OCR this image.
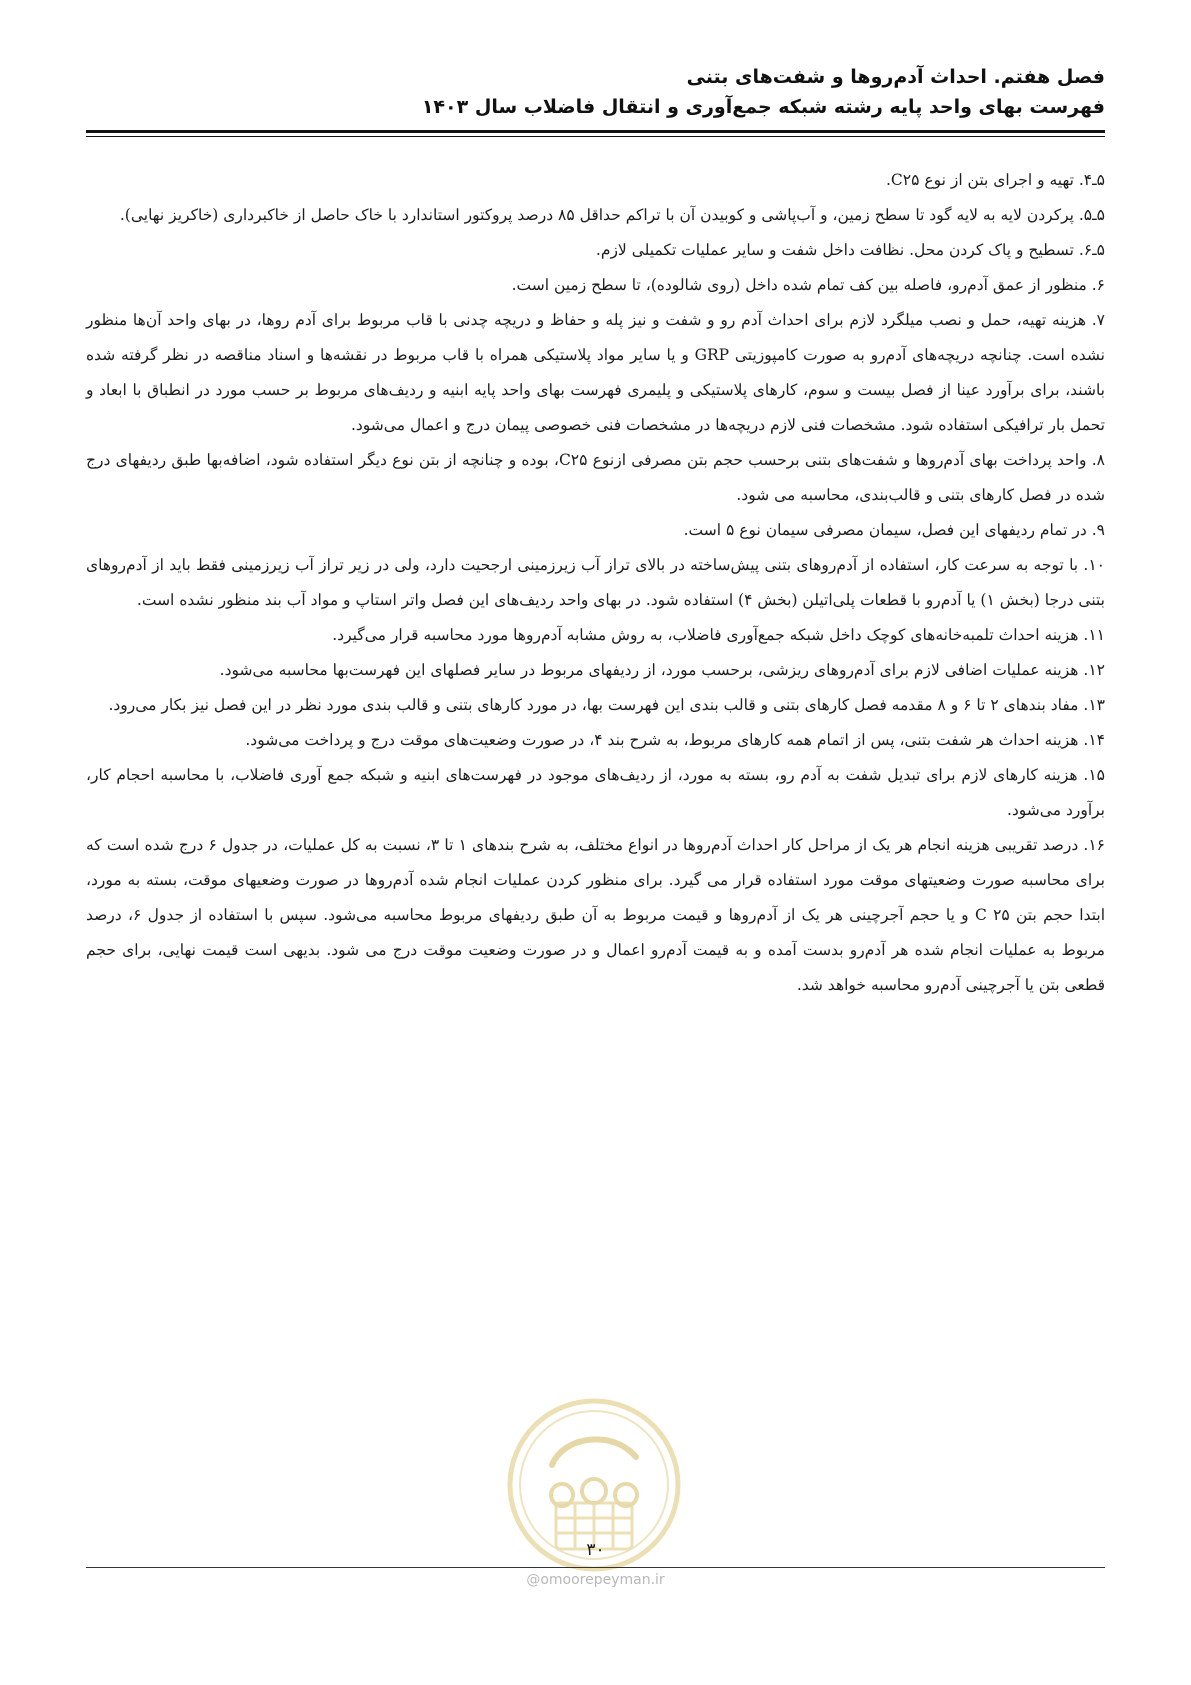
فصل هفتم. احداث آدم‌روها و شفت‌های بتنی
فهرست بهای واحد پایه رشته شبکه جمع‌آوری و انتقال فاضلاب سال ۱۴۰۳

۵ـ۴. تهیه و اجرای بتن از نوع C۲۵.

۵ـ۵. پرکردن لایه به لایه گود تا سطح زمین، و آب‌پاشی و کوبیدن آن با تراکم حداقل ۸۵ درصد پروکتور استاندارد با خاک حاصل از خاکبرداری (خاکریز نهایی).

۵ـ۶. تسطیح و پاک کردن محل. نظافت داخل شفت و سایر عملیات تکمیلی لازم.

۶. منظور از عمق آدم‌رو، فاصله بین کف تمام شده داخل (روی شالوده)، تا سطح زمین است.

۷. هزینه تهیه، حمل و نصب میلگرد لازم برای احداث آدم رو و شفت و نیز پله و حفاظ و دریچه چدنی با قاب مربوط برای آدم روها، در بهای واحد آن‌ها منظور نشده است. چنانچه دریچه‌های آدم‌رو به صورت کامپوزیتی GRP و یا سایر مواد پلاستیکی همراه با قاب مربوط در نقشه‌ها و اسناد مناقصه در نظر گرفته شده باشند، برای برآورد عینا از فصل بیست و سوم، کارهای پلاستیکی و پلیمری فهرست بهای واحد پایه ابنیه و ردیف‌های مربوط بر حسب مورد در انطباق با ابعاد و تحمل بار ترافیکی استفاده شود. مشخصات فنی لازم دریچه‌ها در مشخصات فنی خصوصی پیمان درج و اعمال می‌شود.

۸. واحد پرداخت بهای آدم‌روها و شفت‌های بتنی برحسب حجم بتن مصرفی ازنوع C۲۵، بوده و چنانچه از بتن نوع دیگر استفاده شود، اضافه‌بها طبق ردیفهای درج شده در فصل کارهای بتنی و قالب‌بندی، محاسبه می شود.

۹. در تمام ردیفهای این فصل، سیمان مصرفی سیمان نوع ۵ است.

۱۰. با توجه به سرعت کار، استفاده از آدم‌روهای بتنی پیش‌ساخته در بالای تراز آب زیرزمینی ارجحیت دارد، ولی در زیر تراز آب زیرزمینی فقط باید از آدم‌روهای بتنی درجا (بخش ۱) یا آدم‌رو با قطعات پلی‌اتیلن (بخش ۴) استفاده شود. در بهای واحد ردیف‌های این فصل واتر استاپ و مواد آب بند منظور نشده است.

۱۱. هزینه احداث تلمبه‌خانه‌های کوچک داخل شبکه جمع‌آوری فاضلاب، به روش مشابه آدم‌روها مورد محاسبه قرار می‌گیرد.

۱۲. هزینه عملیات اضافی لازم برای آدم‌روهای ریزشی، برحسب مورد، از ردیفهای مربوط در سایر فصلهای این فهرست‌بها محاسبه می‌شود.

۱۳. مفاد بندهای ۲ تا ۶ و ۸ مقدمه فصل کارهای بتنی و قالب بندی این فهرست بها، در مورد کارهای بتنی و قالب بندی مورد نظر در این فصل نیز بکار می‌رود.

۱۴. هزینه احداث هر شفت بتنی، پس از اتمام همه کارهای مربوط، به شرح بند ۴، در صورت وضعیت‌های موقت درج و پرداخت می‌شود.

۱۵. هزینه کارهای لازم برای تبدیل شفت به آدم رو، بسته به مورد، از ردیف‌های موجود در فهرست‌های ابنیه و شبکه جمع آوری فاضلاب، با محاسبه احجام کار، برآورد می‌شود.

۱۶. درصد تقریبی هزینه انجام هر یک از مراحل کار احداث آدم‌روها در انواع مختلف، به شرح بندهای ۱ تا ۳، نسبت به کل عملیات، در جدول ۶ درج شده است که برای محاسبه صورت وضعیتهای موقت مورد استفاده قرار می گیرد. برای منظور کردن عملیات انجام شده آدم‌روها در صورت وضعیهای موقت، بسته به مورد، ابتدا حجم بتن C ۲۵ و یا حجم آجرچینی هر یک از آدم‌روها و قیمت مربوط به آن طبق ردیفهای مربوط محاسبه می‌شود. سپس با استفاده از جدول ۶، درصد مربوط به عملیات انجام شده هر آدم‌رو بدست آمده و به قیمت آدم‌رو اعمال و در صورت وضعیت موقت درج می شود. بدیهی است قیمت نهایی، برای حجم قطعی بتن یا آجرچینی آدم‌رو محاسبه خواهد شد.

۳۰
@omoorepeyman.ir
